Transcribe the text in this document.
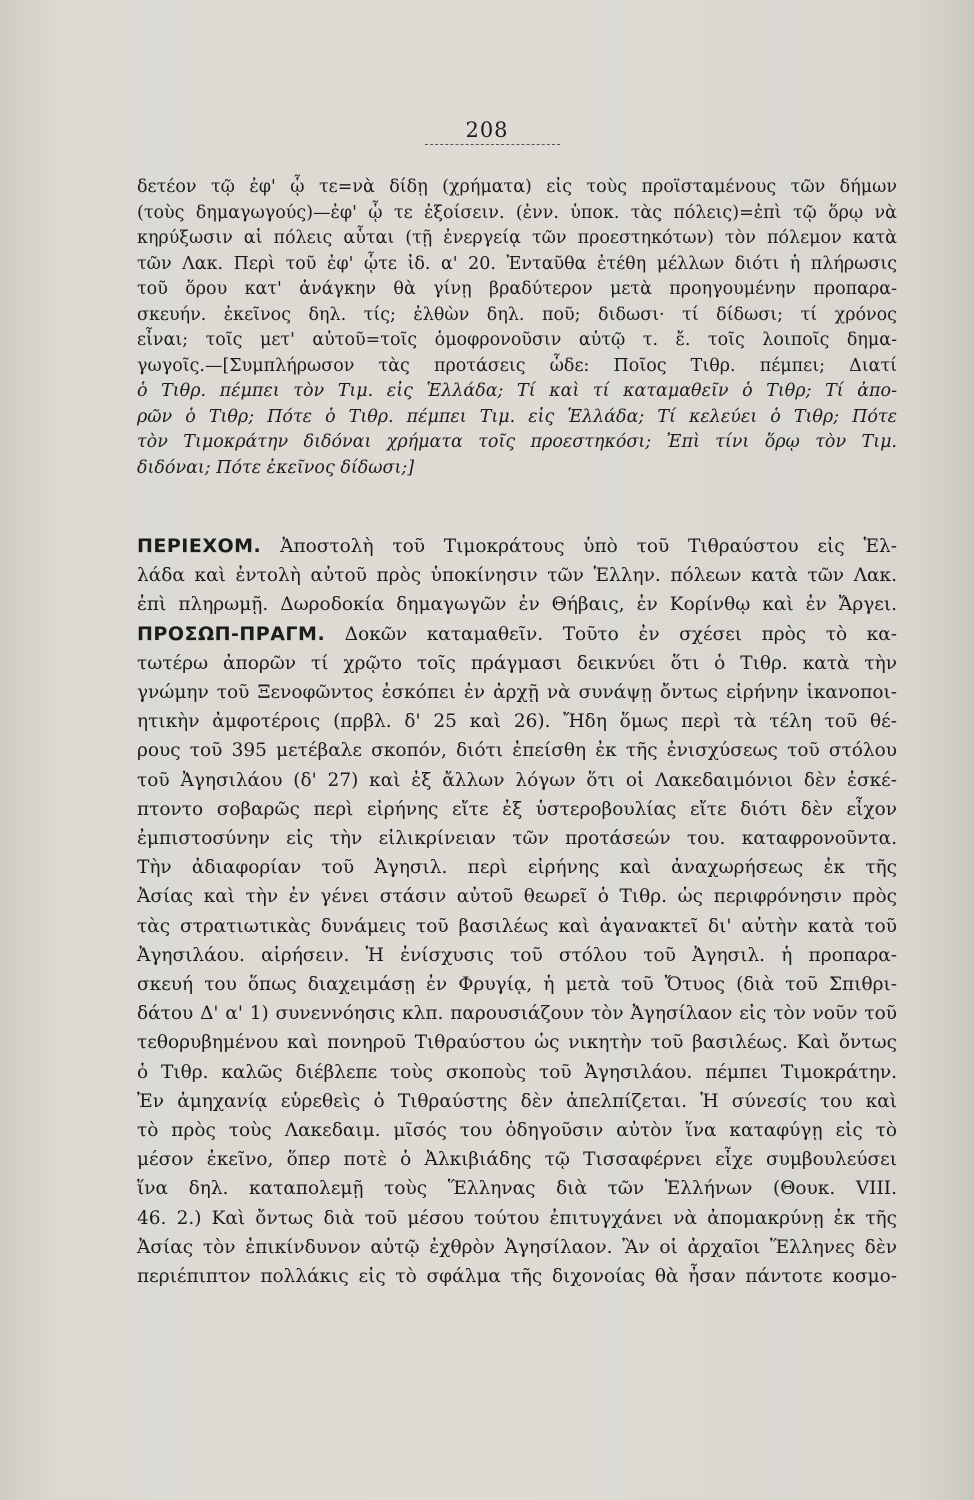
208
δετέον τῷ ἐφ' ᾧ τε=νὰ δίδῃ (χρήματα) εἰς τοὺς προϊσταμένους τῶν δήμων
(τοὺς δημαγωγούς)—ἐφ' ᾧ τε ἐξοίσειν. (ἐνν. ὑποκ. τὰς πόλεις)=ἐπὶ τῷ ὅρῳ νὰ
κηρύξωσιν αἱ πόλεις αὗται (τῇ ἐνεργείᾳ τῶν προεστηκότων) τὸν πόλεμον κατὰ
τῶν Λακ. Περὶ τοῦ ἐφ' ᾧτε ἰδ. α' 20. Ἐνταῦθα ἐτέθη μέλλων διότι ἡ πλήρωσις
τοῦ ὅρου κατ' ἀνάγκην θὰ γίνῃ βραδύτερον μετὰ προηγουμένην προπαρα-
σκευήν. ἐκεῖνος δηλ. τίς; ἐλθὼν δηλ. ποῦ; διδωσι· τί δίδωσι; τί χρόνος
εἶναι; τοῖς μετ' αὐτοῦ=τοῖς ὁμοφρονοῦσιν αὐτῷ τ. ἔ. τοῖς λοιποῖς δημα-
γωγοῖς.—[Συμπλήρωσον τὰς προτάσεις ὧδε: Ποῖος Τιθρ. πέμπει; Διατί
ὁ Τιθρ. πέμπει τὸν Τιμ. εἰς Ἑλλάδα; Τί καὶ τί καταμαθεῖν ὁ Τιθρ; Τί ἀπο-
ρῶν ὁ Τιθρ; Πότε ὁ Τιθρ. πέμπει Τιμ. εἰς Ἑλλάδα; Τί κελεύει ὁ Τιθρ; Πότε
τὸν Τιμοκράτην διδόναι χρήματα τοῖς προεστηκόσι; Ἐπὶ τίνι ὅρῳ τὸν Τιμ.
διδόναι; Πότε ἐκεῖνος δίδωσι;]
ΠΕΡΙΕΧΟΜ. Ἀποστολὴ τοῦ Τιμοκράτους ὑπὸ τοῦ Τιθραύστου εἰς Ἑλ-
λάδα καὶ ἐντολὴ αὐτοῦ πρὸς ὑποκίνησιν τῶν Ἑλλην. πόλεων κατὰ τῶν Λακ.
ἐπὶ πληρωμῇ. Δωροδοκία δημαγωγῶν ἐν Θήβαις, ἐν Κορίνθῳ καὶ ἐν Ἄργει.
ΠΡΟΣΩΠ-ΠΡΑΓΜ. Δοκῶν καταμαθεῖν. Τοῦτο ἐν σχέσει πρὸς τὸ κα-
τωτέρω ἀπορῶν τί χρῷτο τοῖς πράγμασι δεικνύει ὅτι ὁ Τιθρ. κατὰ τὴν
γνώμην τοῦ Ξενοφῶντος ἐσκόπει ἐν ἀρχῇ νὰ συνάψῃ ὄντως εἰρήνην ἱκανοποι-
ητικὴν ἀμφοτέροις (πρβλ. δ' 25 καὶ 26). Ἤδη ὅμως περὶ τὰ τέλη τοῦ θέ-
ρους τοῦ 395 μετέβαλε σκοπόν, διότι ἐπείσθη ἐκ τῆς ἐνισχύσεως τοῦ στόλου
τοῦ Ἀγησιλάου (δ' 27) καὶ ἐξ ἄλλων λόγων ὅτι οἱ Λακεδαιμόνιοι δὲν ἐσκέ-
πτοντο σοβαρῶς περὶ εἰρήνης εἴτε ἐξ ὑστεροβουλίας εἴτε διότι δὲν εἶχον
ἐμπιστοσύνην εἰς τὴν εἰλικρίνειαν τῶν προτάσεών του. καταφρονοῦντα.
Τὴν ἀδιαφορίαν τοῦ Ἀγησιλ. περὶ εἰρήνης καὶ ἀναχωρήσεως ἐκ τῆς
Ἀσίας καὶ τὴν ἐν γένει στάσιν αὐτοῦ θεωρεῖ ὁ Τιθρ. ὡς περιφρόνησιν πρὸς
τὰς στρατιωτικὰς δυνάμεις τοῦ βασιλέως καὶ ἀγανακτεῖ δι' αὐτὴν κατὰ τοῦ
Ἀγησιλάου. αἱρήσειν. Ἡ ἐνίσχυσις τοῦ στόλου τοῦ Ἀγησιλ. ἡ προπαρα-
σκευή του ὅπως διαχειμάσῃ ἐν Φρυγίᾳ, ἡ μετὰ τοῦ Ὄτυος (διὰ τοῦ Σπιθρι-
δάτου Δ' α' 1) συνεννόησις κλπ. παρουσιάζουν τὸν Ἀγησίλαον εἰς τὸν νοῦν τοῦ
τεθορυβημένου καὶ πονηροῦ Τιθραύστου ὡς νικητὴν τοῦ βασιλέως. Καὶ ὄντως
ὁ Τιθρ. καλῶς διέβλεπε τοὺς σκοποὺς τοῦ Ἀγησιλάου. πέμπει Τιμοκράτην.
Ἐν ἀμηχανίᾳ εὑρεθεὶς ὁ Τιθραύστης δὲν ἀπελπίζεται. Ἡ σύνεσίς του καὶ
τὸ πρὸς τοὺς Λακεδαιμ. μῖσός του ὁδηγοῦσιν αὐτὸν ἵνα καταφύγῃ εἰς τὸ
μέσον ἐκεῖνο, ὅπερ ποτὲ ὁ Ἀλκιβιάδης τῷ Τισσαφέρνει εἶχε συμβουλεύσει
ἵνα δηλ. καταπολεμῇ τοὺς Ἕλληνας διὰ τῶν Ἑλλήνων (Θουκ. VIII.
46. 2.) Καὶ ὄντως διὰ τοῦ μέσου τούτου ἐπιτυγχάνει νὰ ἀπομακρύνῃ ἐκ τῆς
Ἀσίας τὸν ἐπικίνδυνον αὐτῷ ἐχθρὸν Ἀγησίλαον. Ἂν οἱ ἀρχαῖοι Ἕλληνες δὲν
περιέπιπτον πολλάκις εἰς τὸ σφάλμα τῆς διχονοίας θὰ ἦσαν πάντοτε κοσμο-
